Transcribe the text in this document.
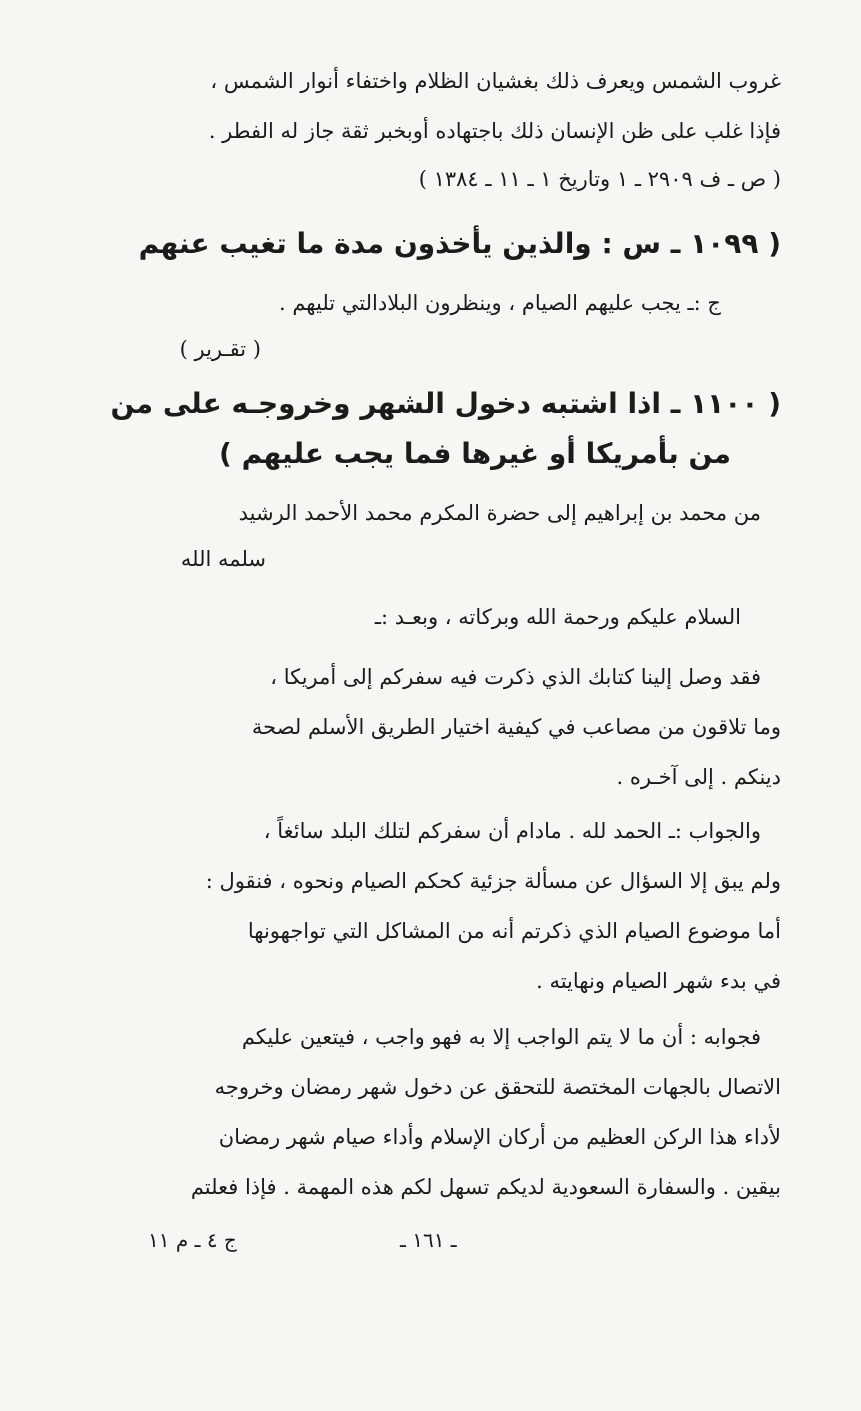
غروب الشمس ويعرف ذلك بغشيان الظلام واختفاء أنوار الشمس ،

فإذا غلب على ظن الإنسان ذلك باجتهاده أوبخبر ثقة جاز له الفطر .

( ص ـ ف ٢٩٠٩ ـ ١ وتاريخ ١ ـ ١١ ـ ١٣٨٤ )

( ١٠٩٩ ـ س : والذين يأخذون مدة ما تغيب عنهم

ج :ـ يجب عليهم الصيام ، وينظرون البلادالتي تليهم .

( تقـرير )

( ١١٠٠ ـ اذا اشتبه دخول الشهر وخروجـه على من

من بأمريكا أو غيرها فما يجب عليهم )

من محمد بن إبراهيم إلى حضرة المكرم محمد الأحمد الرشيد

سلمه الله

السلام عليكم ورحمة الله وبركاته ، وبعـد :ـ

فقد وصل إلينا كتابك الذي ذكرت فيه سفركم إلى أمريكا ،

وما تلاقون من مصاعب في كيفية اختيار الطريق الأسلم لصحة

دينكم . إلى آخـره .

والجواب :ـ الحمد لله . مادام أن سفركم لتلك البلد سائغاً ،

ولم يبق إلا السؤال عن مسألة جزئية كحكم الصيام ونحوه ، فنقول :

أما موضوع الصيام الذي ذكرتم أنه من المشاكل التي تواجهونها

في بدء شهر الصيام ونهايته .

فجوابه : أن ما لا يتم الواجب إلا به فهو واجب ، فيتعين عليكم

الاتصال بالجهات المختصة للتحقق عن دخول شهر رمضان وخروجه

لأداء هذا الركن العظيم من أركان الإسلام وأداء صيام شهر رمضان

بيقين . والسفارة السعودية لديكم تسهل لكم هذه المهمة . فإذا فعلتم

ـ ١٦١ ـ
ج ٤ ـ م ١١
